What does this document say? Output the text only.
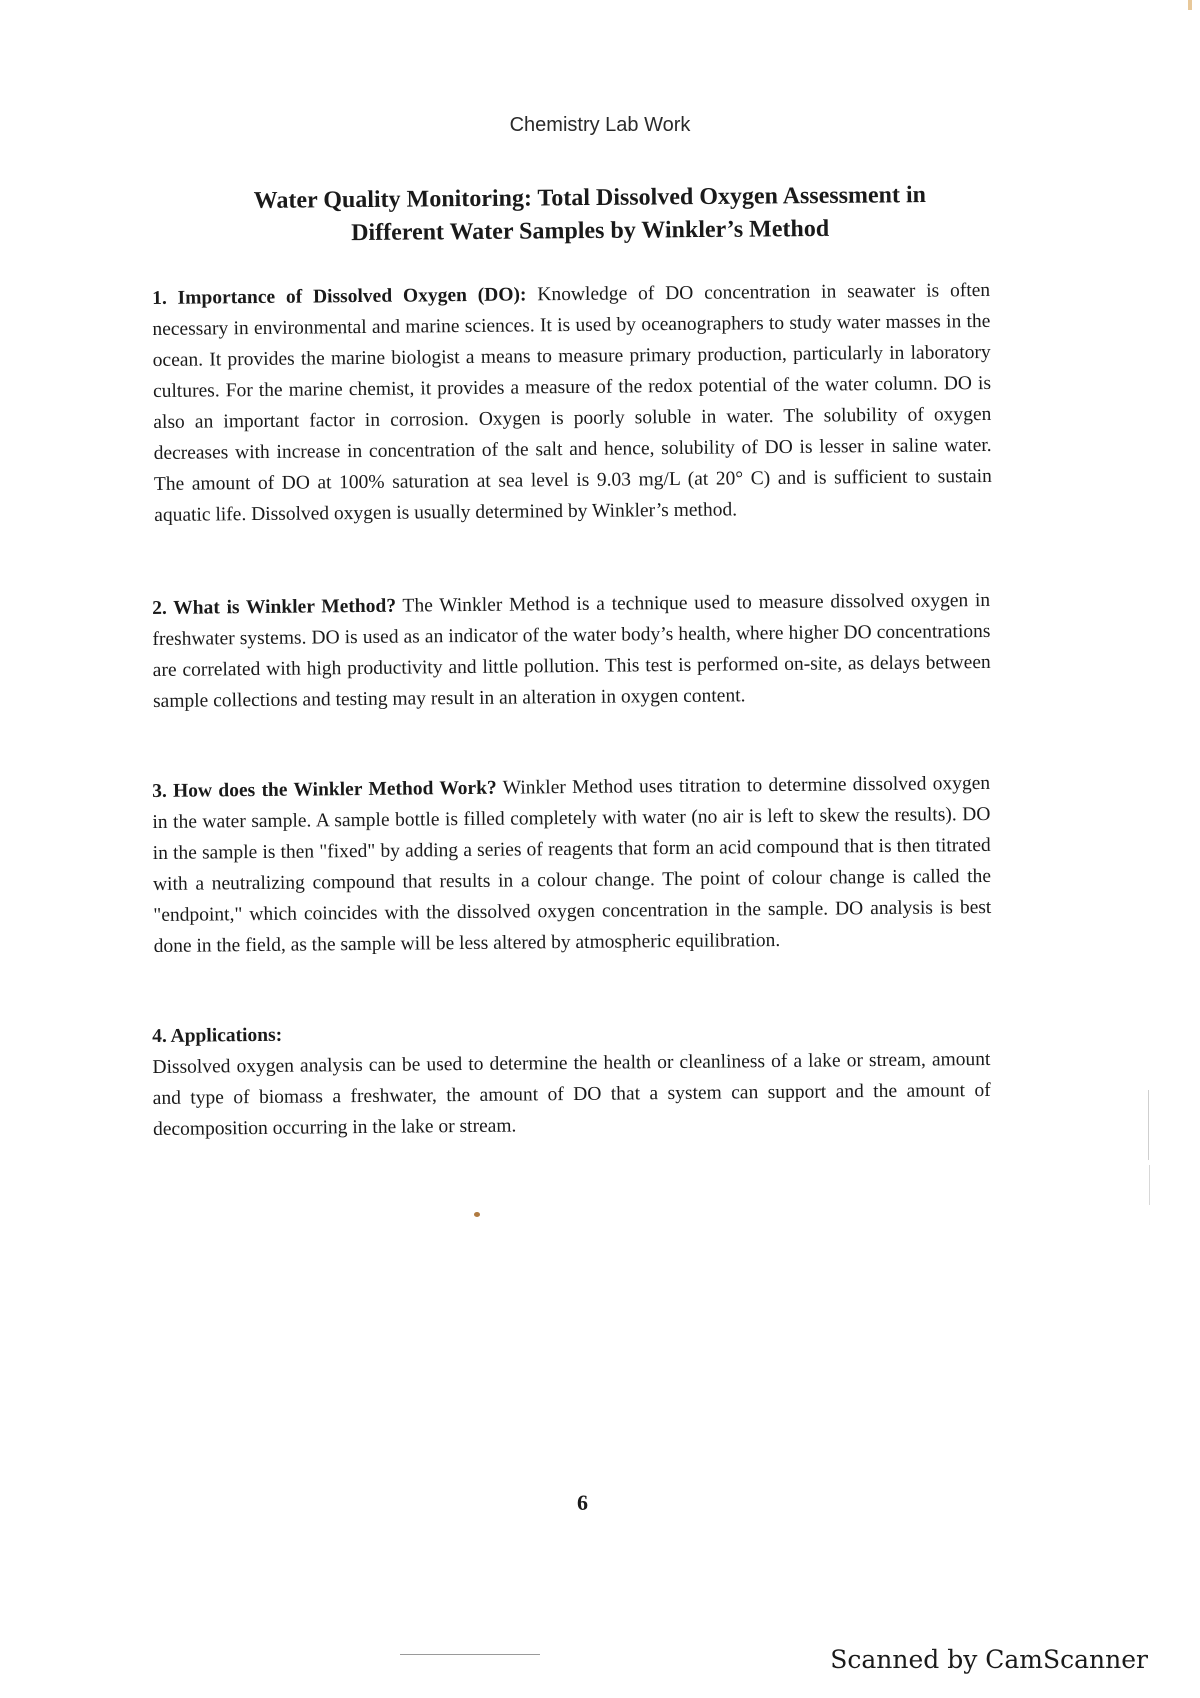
Chemistry Lab Work
Water Quality Monitoring: Total Dissolved Oxygen Assessment in
Different Water Samples by Winkler’s Method
1. Importance of Dissolved Oxygen (DO): Knowledge of DO concentration in seawater is often necessary in environmental and marine sciences. It is used by oceanographers to study water masses in the ocean. It provides the marine biologist a means to measure primary production, particularly in laboratory cultures. For the marine chemist, it provides a measure of the redox potential of the water column. DO is also an important factor in corrosion. Oxygen is poorly soluble in water. The solubility of oxygen decreases with increase in concentration of the salt and hence, solubility of DO is lesser in saline water. The amount of DO at 100% saturation at sea level is 9.03 mg/L (at 20° C) and is sufficient to sustain aquatic life. Dissolved oxygen is usually determined by Winkler’s method.
2. What is Winkler Method? The Winkler Method is a technique used to measure dissolved oxygen in freshwater systems. DO is used as an indicator of the water body’s health, where higher DO concentrations are correlated with high productivity and little pollution. This test is performed on-site, as delays between sample collections and testing may result in an alteration in oxygen content.
3. How does the Winkler Method Work? Winkler Method uses titration to determine dissolved oxygen in the water sample. A sample bottle is filled completely with water (no air is left to skew the results). DO in the sample is then "fixed" by adding a series of reagents that form an acid compound that is then titrated with a neutralizing compound that results in a colour change. The point of colour change is called the "endpoint," which coincides with the dissolved oxygen concentration in the sample. DO analysis is best done in the field, as the sample will be less altered by atmospheric equilibration.
4. Applications:
Dissolved oxygen analysis can be used to determine the health or cleanliness of a lake or stream, amount and type of biomass a freshwater, the amount of DO that a system can support and the amount of decomposition occurring in the lake or stream.
6
Scanned by CamScanner
